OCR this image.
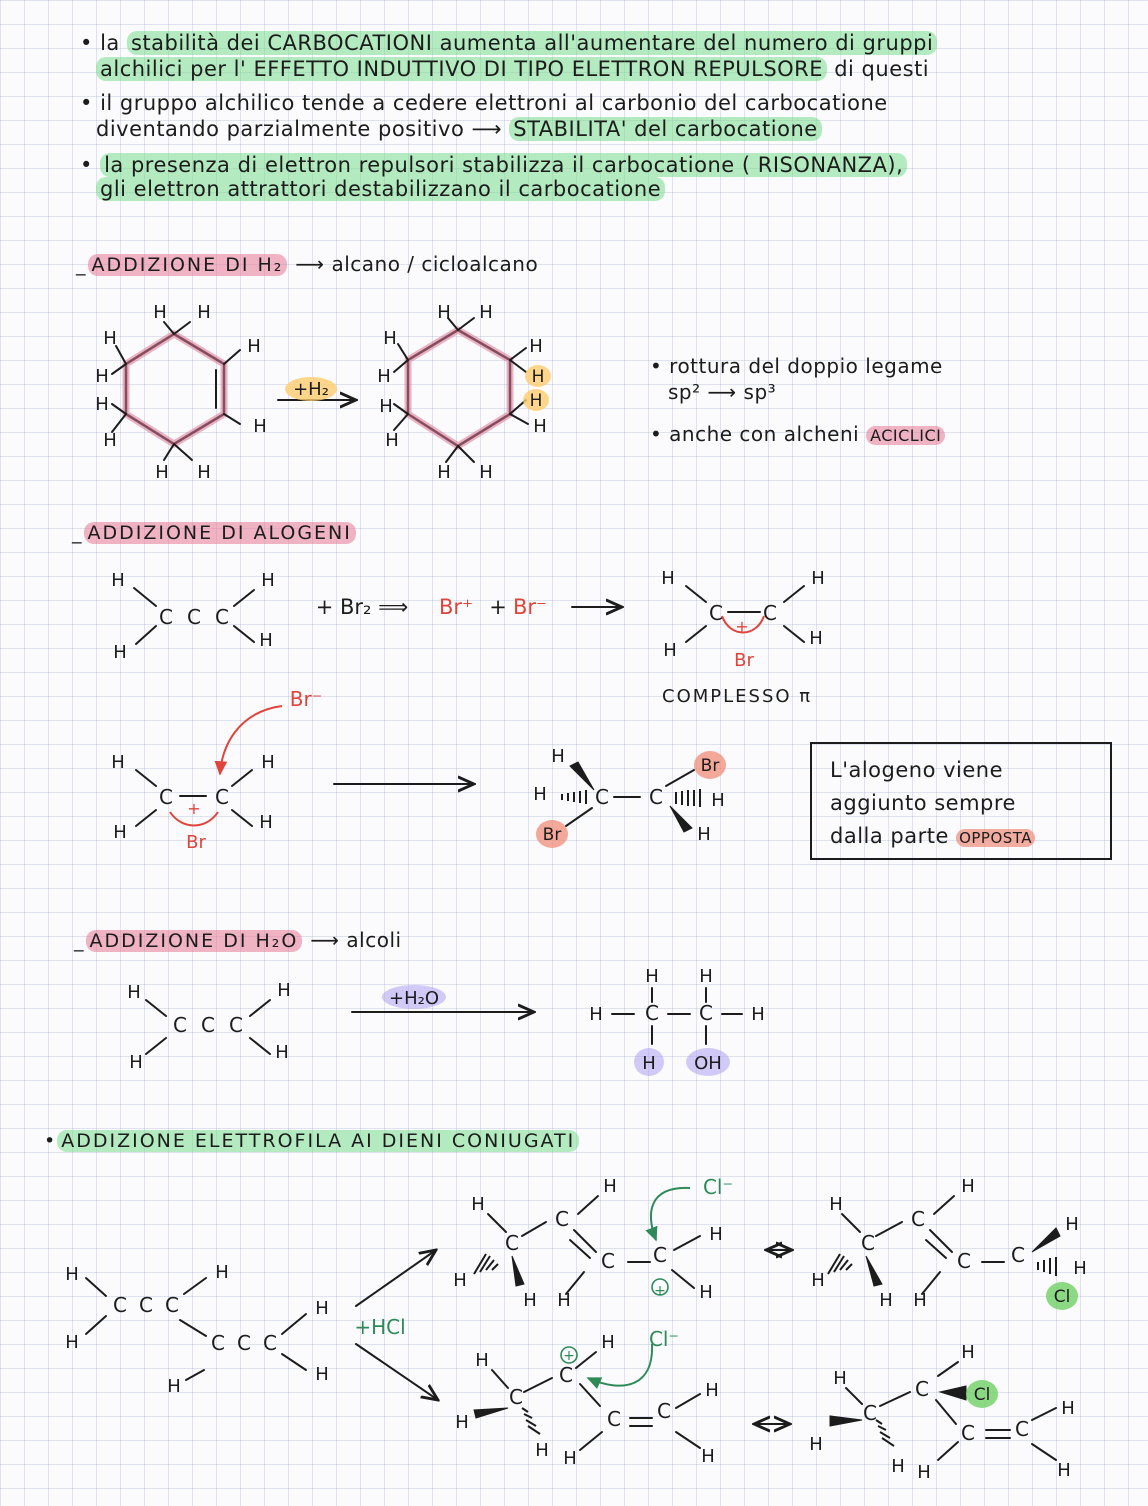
• la stabilità dei CARBOCATIONI aumenta all'aumentare del numero di gruppi
alchilici per l' EFFETTO INDUTTIVO DI TIPO ELETTRON REPULSORE di questi
• il gruppo alchilico tende a cedere elettroni al carbonio del carbocatione
diventando parzialmente positivo ⟶ STABILITA' del carbocatione
• la presenza di elettron repulsori stabilizza il carbocatione ( RISONANZA),
gli elettron attrattori destabilizzano il carbocatione
_ ADDIZIONE DI H₂ ⟶ alcano / cicloalcano
• rottura del doppio legame
sp² ⟶ sp³
• anche con alcheni ACICLICI
_ ADDIZIONE DI ALOGENI
COMPLESSO π
L'alogeno viene
aggiunto sempre
dalla parte OPPOSTA
_ ADDIZIONE DI H₂O ⟶ alcoli
• ADDIZIONE ELETTROFILA AI DIENI CONIUGATI
H H
H
H
H
H
H
H
H H
H H
H
H
H
H
H
H
H H
H
H
+H₂
H	H
H
H
C C C	+ Br₂ ⟹ Br⁺ + Br⁻
H	H
H
H
C C
+
Br
Br⁻
H	H
H	H
C C
+
Br
H
H	H
H
C C
Br
Br
H	H
H	H
C C C
+H₂O
H H
H	H
C C
H OH
H	H
H
H
H
H
C C C
C C C
+HCl
H
H
H
H
H
H H
C
C
C C
+
Cl⁻
H
H
H
H
H
H H
C
C
C C
Cl
H
H
H
H
H
H H
C
C
C C
+
Cl⁻
H
H
H
H
H
H H
C
C
C C
Cl
